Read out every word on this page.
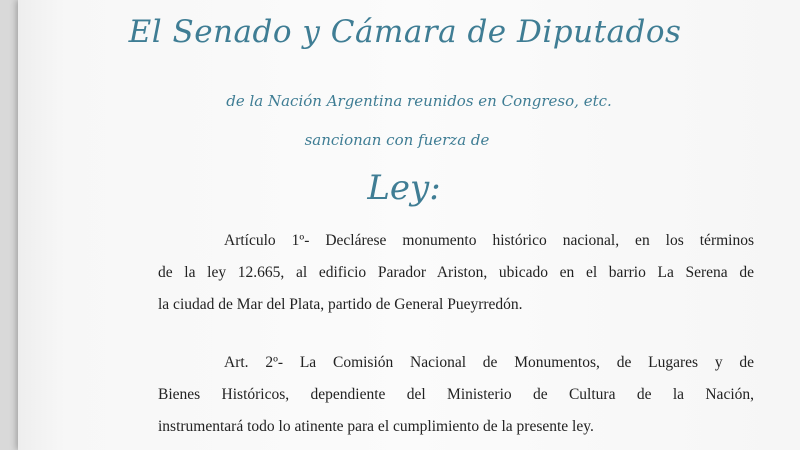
El Senado y Cámara de Diputados
de la Nación Argentina reunidos en Congreso, etc.
sancionan con fuerza de
Ley:
Artículo 1º- Declárese monumento histórico nacional, en los términos
de la ley 12.665, al edificio Parador Ariston, ubicado en el barrio La Serena de
la ciudad de Mar del Plata, partido de General Pueyrredón.
Art. 2º- La Comisión Nacional de Monumentos, de Lugares y de
Bienes Históricos, dependiente del Ministerio de Cultura de la Nación,
instrumentará todo lo atinente para el cumplimiento de la presente ley.
